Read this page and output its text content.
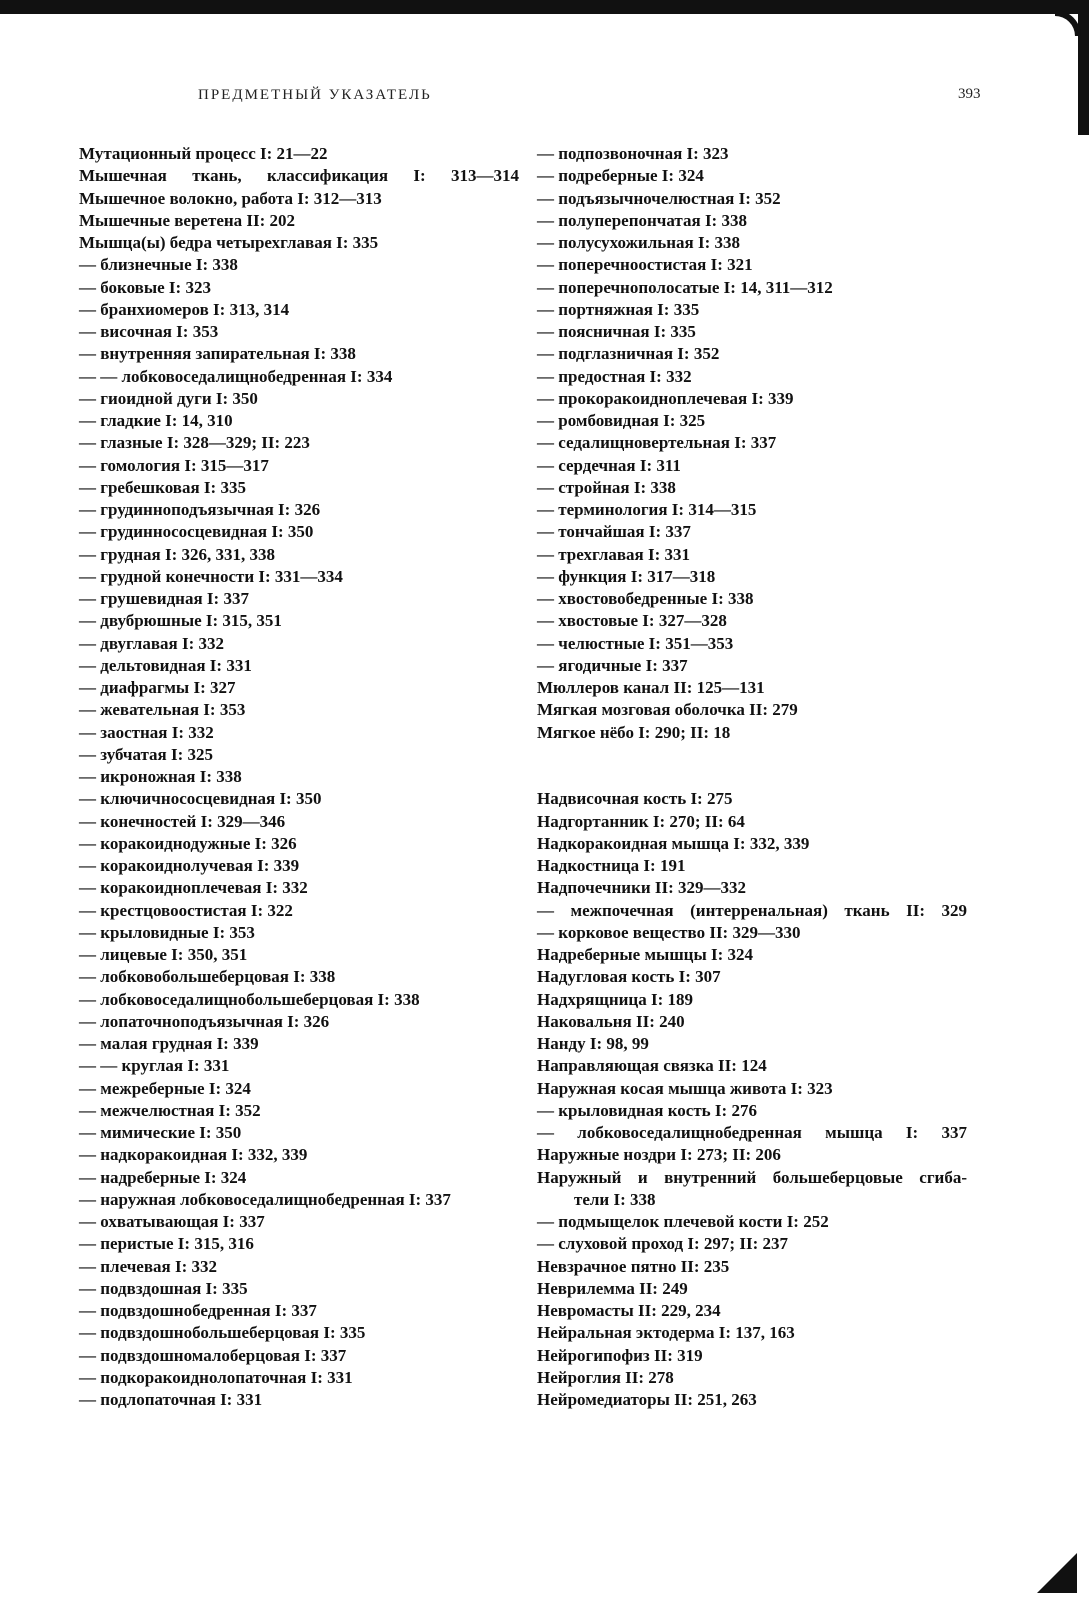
ПРЕДМЕТНЫЙ УКАЗАТЕЛЬ	393
Мутационный процесс I: 21—22
Мышечная ткань, классификация I: 313—314
Мышечное волокно, работа I: 312—313
Мышечные веретена II: 202
Мышца(ы) бедра четырехглавая I: 335
— близнечные I: 338
— боковые I: 323
— бранхиомеров I: 313, 314
— височная I: 353
— внутренняя запирательная I: 338
— — лобковоседалищнобедренная I: 334
— гиоидной дуги I: 350
— гладкие I: 14, 310
— глазные I: 328—329; II: 223
— гомология I: 315—317
— гребешковая I: 335
— грудинноподъязычная I: 326
— грудиннососцевидная I: 350
— грудная I: 326, 331, 338
— грудной конечности I: 331—334
— грушевидная I: 337
— двубрюшные I: 315, 351
— двуглавая I: 332
— дельтовидная I: 331
— диафрагмы I: 327
— жевательная I: 353
— заостная I: 332
— зубчатая I: 325
— икроножная I: 338
— ключичнососцевидная I: 350
— конечностей I: 329—346
— коракоиднодужные I: 326
— коракоиднолучевая I: 339
— коракоидноплечевая I: 332
— крестцовоостистая I: 322
— крыловидные I: 353
— лицевые I: 350, 351
— лобковобольшеберцовая I: 338
— лобковоседалищнобольшеберцовая I: 338
— лопаточноподъязычная I: 326
— малая грудная I: 339
— — круглая I: 331
— межреберные I: 324
— межчелюстная I: 352
— мимические I: 350
— надкоракоидная I: 332, 339
— надреберные I: 324
— наружная лобковоседалищнобедренная I: 337
— охватывающая I: 337
— перистые I: 315, 316
— плечевая I: 332
— подвздошная I: 335
— подвздошнобедренная I: 337
— подвздошнобольшеберцовая I: 335
— подвздошномалоберцовая I: 337
— подкоракоиднолопаточная I: 331
— подлопаточная I: 331
— подпозвоночная I: 323
— подреберные I: 324
— подъязычночелюстная I: 352
— полуперепончатая I: 338
— полусухожильная I: 338
— поперечноостистая I: 321
— поперечнополосатые I: 14, 311—312
— портняжная I: 335
— поясничная I: 335
— подглазничная I: 352
— предостная I: 332
— прокоракоидноплечевая I: 339
— ромбовидная I: 325
— седалищновертельная I: 337
— сердечная I: 311
— стройная I: 338
— терминология I: 314—315
— тончайшая I: 337
— трехглавая I: 331
— функция I: 317—318
— хвостовобедренные I: 338
— хвостовые I: 327—328
— челюстные I: 351—353
— ягодичные I: 337
Мюллеров канал II: 125—131
Мягкая мозговая оболочка II: 279
Мягкое нёбо I: 290; II: 18
Надвисочная кость I: 275
Надгортанник I: 270; II: 64
Надкоракоидная мышца I: 332, 339
Надкостница I: 191
Надпочечники II: 329—332
— межпочечная (интерренальная) ткань II: 329
— корковое вещество II: 329—330
Надреберные мышцы I: 324
Надугловая кость I: 307
Надхрящница I: 189
Наковальня II: 240
Нанду I: 98, 99
Направляющая связка II: 124
Наружная косая мышца живота I: 323
— крыловидная кость I: 276
— лобковоседалищнобедренная мышца I: 337
Наружные ноздри I: 273; II: 206
Наружный и внутренний большеберцовые сгиба-
тели I: 338
— подмыщелок плечевой кости I: 252
— слуховой проход I: 297; II: 237
Невзрачное пятно II: 235
Неврилемма II: 249
Невромасты II: 229, 234
Нейральная эктодерма I: 137, 163
Нейрогипофиз II: 319
Нейроглия II: 278
Нейромедиаторы II: 251, 263
